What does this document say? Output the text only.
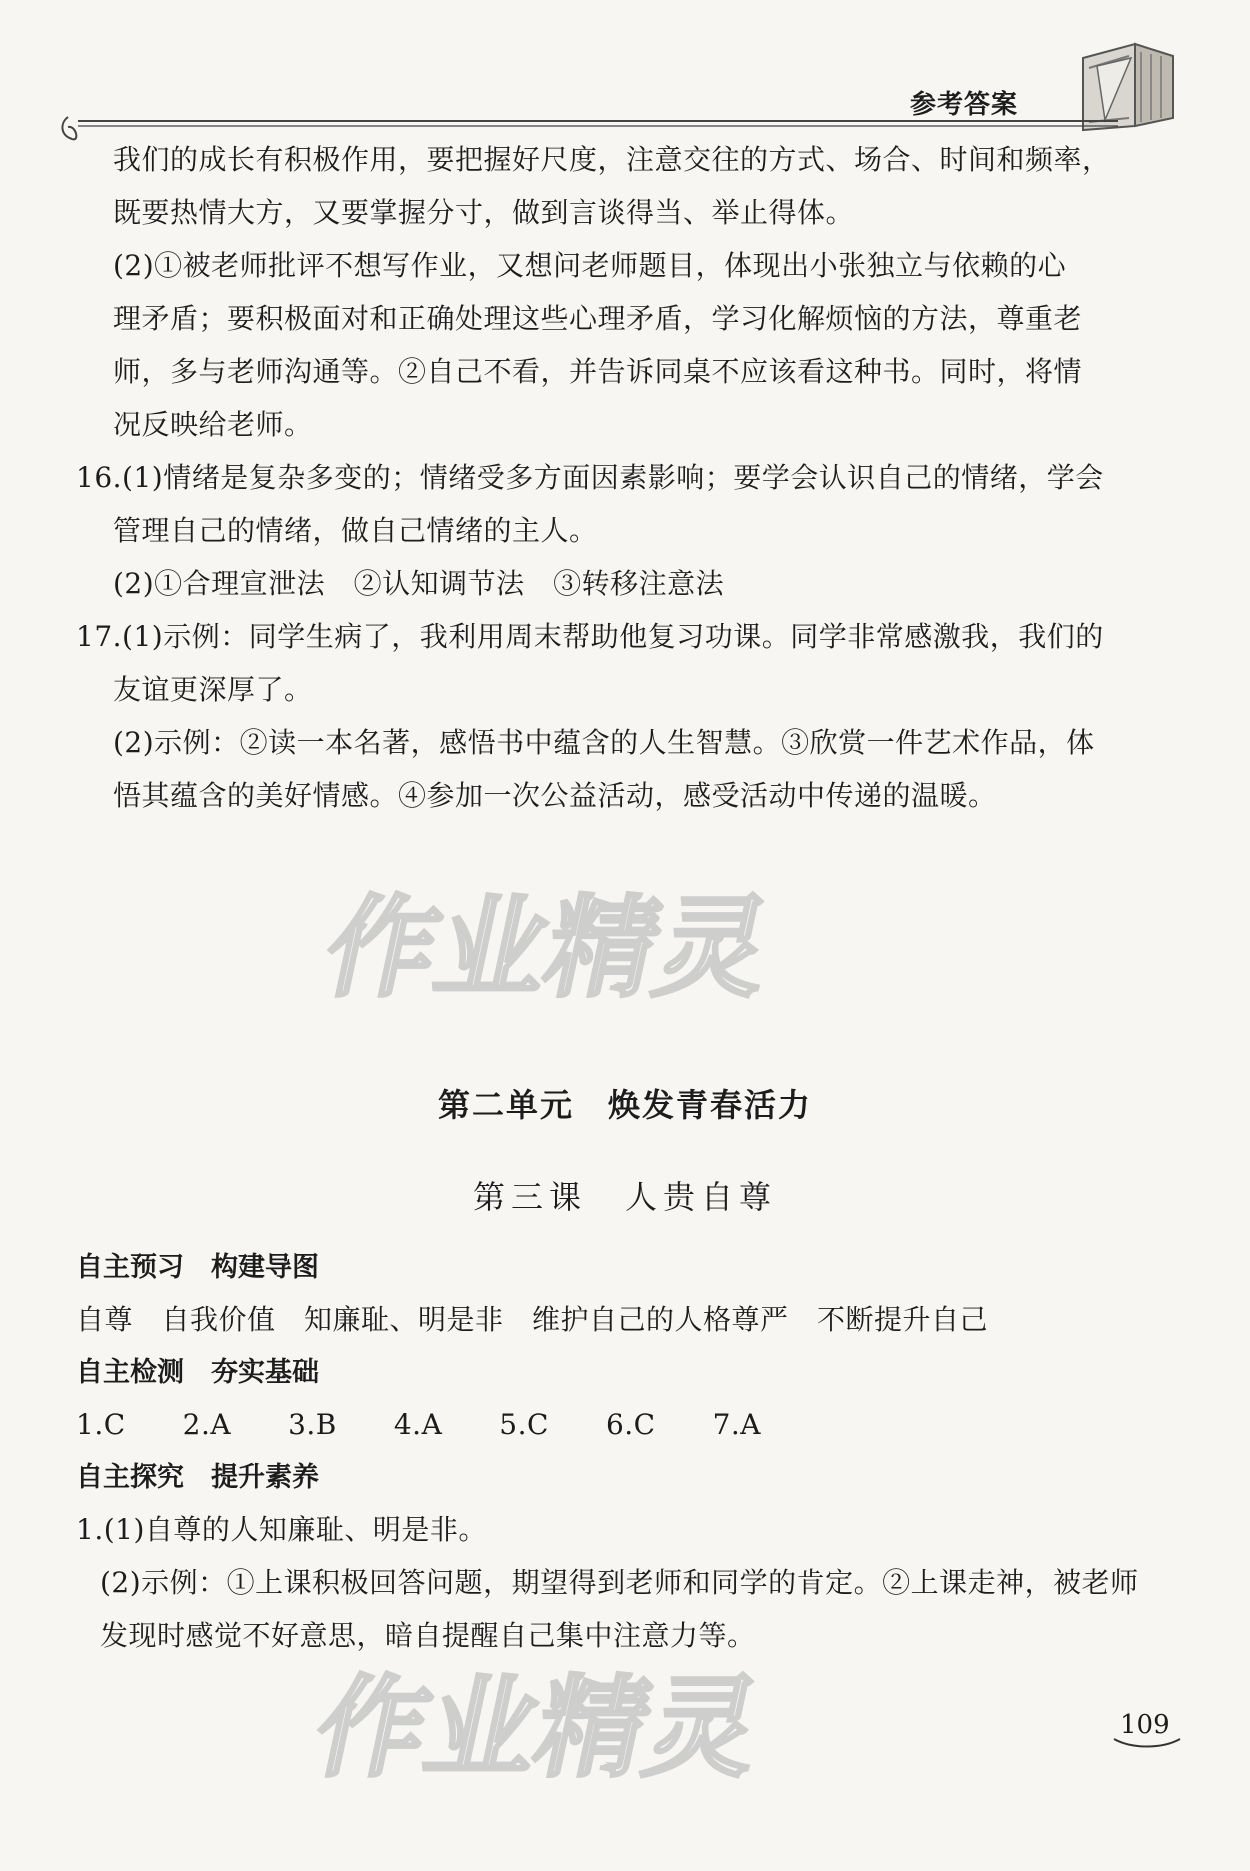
参考答案
我们的成长有积极作用，要把握好尺度，注意交往的方式、场合、时间和频率，
既要热情大方，又要掌握分寸，做到言谈得当、举止得体。
(2)①被老师批评不想写作业，又想问老师题目，体现出小张独立与依赖的心
理矛盾；要积极面对和正确处理这些心理矛盾，学习化解烦恼的方法，尊重老
师，多与老师沟通等。②自己不看，并告诉同桌不应该看这种书。同时，将情
况反映给老师。
16.(1)情绪是复杂多变的；情绪受多方面因素影响；要学会认识自己的情绪，学会
管理自己的情绪，做自己情绪的主人。
(2)①合理宣泄法　②认知调节法　③转移注意法
17.(1)示例：同学生病了，我利用周末帮助他复习功课。同学非常感激我，我们的
友谊更深厚了。
(2)示例：②读一本名著，感悟书中蕴含的人生智慧。③欣赏一件艺术作品，体
悟其蕴含的美好情感。④参加一次公益活动，感受活动中传递的温暖。
作业精灵
第二单元　焕发青春活力
第三课　人贵自尊
自主预习　构建导图
自尊　自我价值　知廉耻、明是非　维护自己的人格尊严　不断提升自己
自主检测　夯实基础
1.C　　2.A　　3.B　　4.A　　5.C　　6.C　　7.A
自主探究　提升素养
1.(1)自尊的人知廉耻、明是非。
(2)示例：①上课积极回答问题，期望得到老师和同学的肯定。②上课走神，被老师
发现时感觉不好意思，暗自提醒自己集中注意力等。
作业精灵	109
